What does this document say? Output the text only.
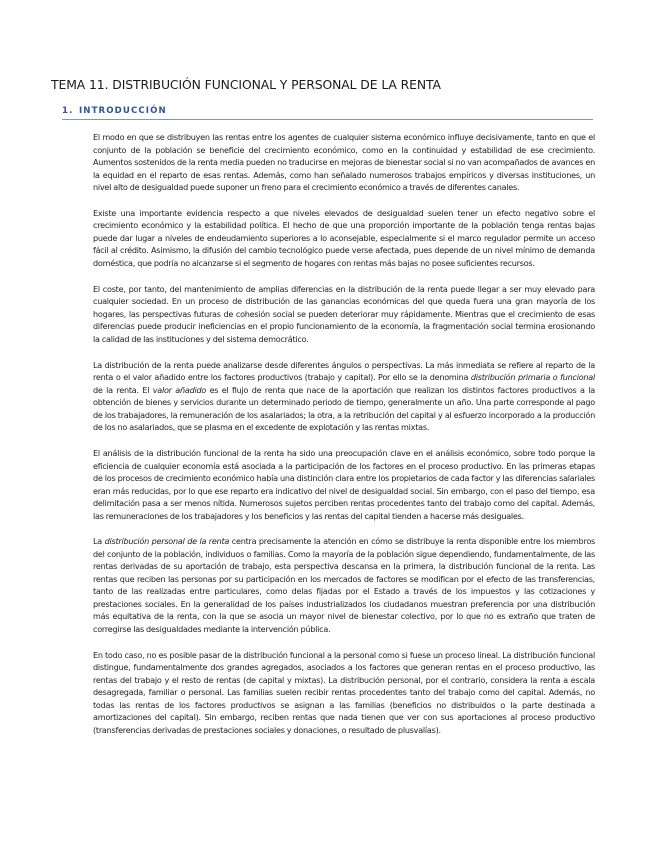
TEMA 11. DISTRIBUCIÓN FUNCIONAL Y PERSONAL DE LA RENTA
1. INTRODUCCIÓN

El modo en que se distribuyen las rentas entre los agentes de cualquier sistema económico influye decisivamente, tanto en que el conjunto de la población se beneficie del crecimiento económico, como en la continuidad y estabilidad de ese crecimiento. Aumentos sostenidos de la renta media pueden no traducirse en mejoras de bienestar social si no van acompañados de avances en la equidad en el reparto de esas rentas. Además, como han señalado numerosos trabajos empíricos y diversas instituciones, un nivel alto de desigualdad puede suponer un freno para el crecimiento económico a través de diferentes canales.

Existe una importante evidencia respecto a que niveles elevados de desigualdad suelen tener un efecto negativo sobre el crecimiento económico y la estabilidad política. El hecho de que una proporción importante de la población tenga rentas bajas puede dar lugar a niveles de endeudamiento superiores a lo aconsejable, especialmente si el marco regulador permite un acceso fácil al crédito. Asimismo, la difusión del cambio tecnológico puede verse afectada, pues depende de un nivel mínimo de demanda doméstica, que podría no alcanzarse si el segmento de hogares con rentas más bajas no posee suficientes recursos.

El coste, por tanto, del mantenimiento de amplias diferencias en la distribución de la renta puede llegar a ser muy elevado para cualquier sociedad. En un proceso de distribución de las ganancias económicas del que queda fuera una gran mayoría de los hogares, las perspectivas futuras de cohesión social se pueden deteriorar muy rápidamente. Mientras que el crecimiento de esas diferencias puede producir ineficiencias en el propio funcionamiento de la economía, la fragmentación social termina erosionando la calidad de las instituciones y del sistema democrático.

La distribución de la renta puede analizarse desde diferentes ángulos o perspectivas. La más inmediata se refiere al reparto de la renta o el valor añadido entre los factores productivos (trabajo y capital). Por ello se la denomina distribución primaria o funcional de la renta. El valor añadido es el flujo de renta que nace de la aportación que realizan los distintos factores productivos a la obtención de bienes y servicios durante un determinado periodo de tiempo, generalmente un año. Una parte corresponde al pago de los trabajadores, la remuneración de los asalariados; la otra, a la retribución del capital y al esfuerzo incorporado a la producción de los no asalariados, que se plasma en el excedente de explotación y las rentas mixtas.

El análisis de la distribución funcional de la renta ha sido una preocupación clave en el análisis económico, sobre todo porque la eficiencia de cualquier economía está asociada a la participación de los factores en el proceso productivo. En las primeras etapas de los procesos de crecimiento económico había una distinción clara entre los propietarios de cada factor y las diferencias salariales eran más reducidas, por lo que ese reparto era indicativo del nivel de desigualdad social. Sin embargo, con el paso del tiempo, esa delimitación pasa a ser menos nítida. Numerosos sujetos perciben rentas procedentes tanto del trabajo como del capital. Además, las remuneraciones de los trabajadores y los beneficios y las rentas del capital tienden a hacerse más desiguales.

La distribución personal de la renta centra precisamente la atención en cómo se distribuye la renta disponible entre los miembros del conjunto de la población, individuos o familias. Como la mayoría de la población sigue dependiendo, fundamentalmente, de las rentas derivadas de su aportación de trabajo, esta perspectiva descansa en la primera, la distribución funcional de la renta. Las rentas que reciben las personas por su participación en los mercados de factores se modifican por el efecto de las transferencias, tanto de las realizadas entre particulares, como delas fijadas por el Estado a través de los impuestos y las cotizaciones y prestaciones sociales. En la generalidad de los países industrializados los ciudadanos muestran preferencia por una distribución más equitativa de la renta, con la que se asocia un mayor nivel de bienestar colectivo, por lo que no es extraño que traten de corregirse las desigualdades mediante la intervención pública.

En todo caso, no es posible pasar de la distribución funcional a la personal como si fuese un proceso lineal. La distribución funcional distingue, fundamentalmente dos grandes agregados, asociados a los factores que generan rentas en el proceso productivo, las rentas del trabajo y el resto de rentas (de capital y mixtas). La distribución personal, por el contrario, considera la renta a escala desagregada, familiar o personal. Las familias suelen recibir rentas procedentes tanto del trabajo como del capital. Además, no todas las rentas de los factores productivos se asignan a las familias (beneficios no distribuidos o la parte destinada a amortizaciones del capital). Sin embargo, reciben rentas que nada tienen que ver con sus aportaciones al proceso productivo (transferencias derivadas de prestaciones sociales y donaciones, o resultado de plusvalías).
